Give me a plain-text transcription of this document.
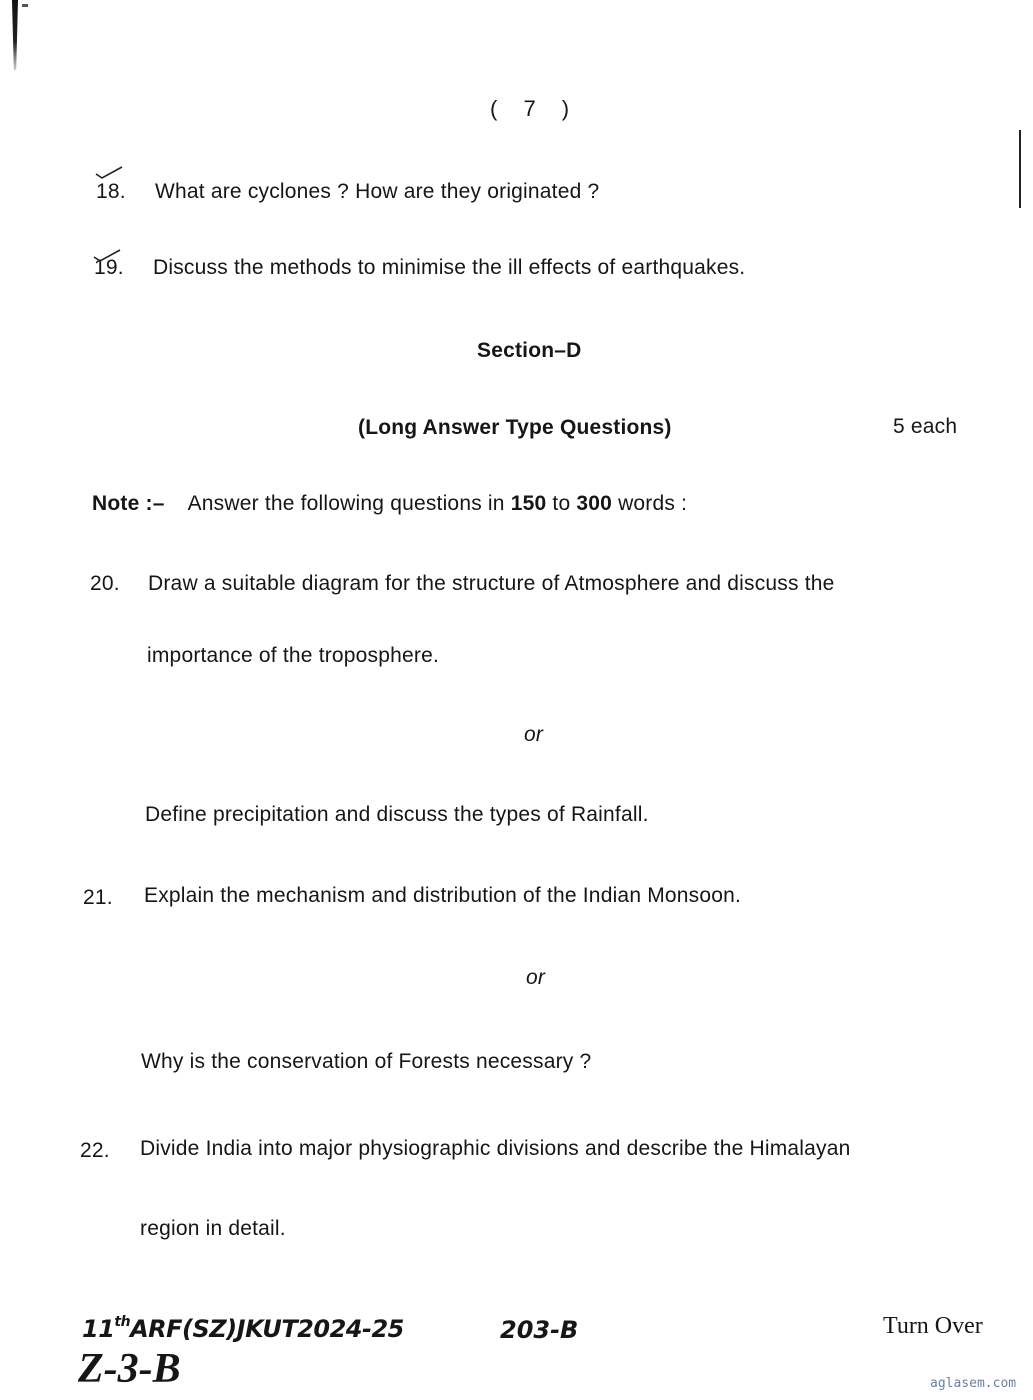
( 7 )
18. What are cyclones ? How are they originated ?
19. Discuss the methods to minimise the ill effects of earthquakes.
Section–D
(Long Answer Type Questions)	5 each
Note :– Answer the following questions in 150 to 300 words :
20. Draw a suitable diagram for the structure of Atmosphere and discuss the
importance of the troposphere.
or
Define precipitation and discuss the types of Rainfall.
21. Explain the mechanism and distribution of the Indian Monsoon.
or
Why is the conservation of Forests necessary ?
22. Divide India into major physiographic divisions and describe the Himalayan
region in detail.
11thARF(SZ)JKUT2024-25	203-B
Z-3-B
Turn Over
aglasem.com
